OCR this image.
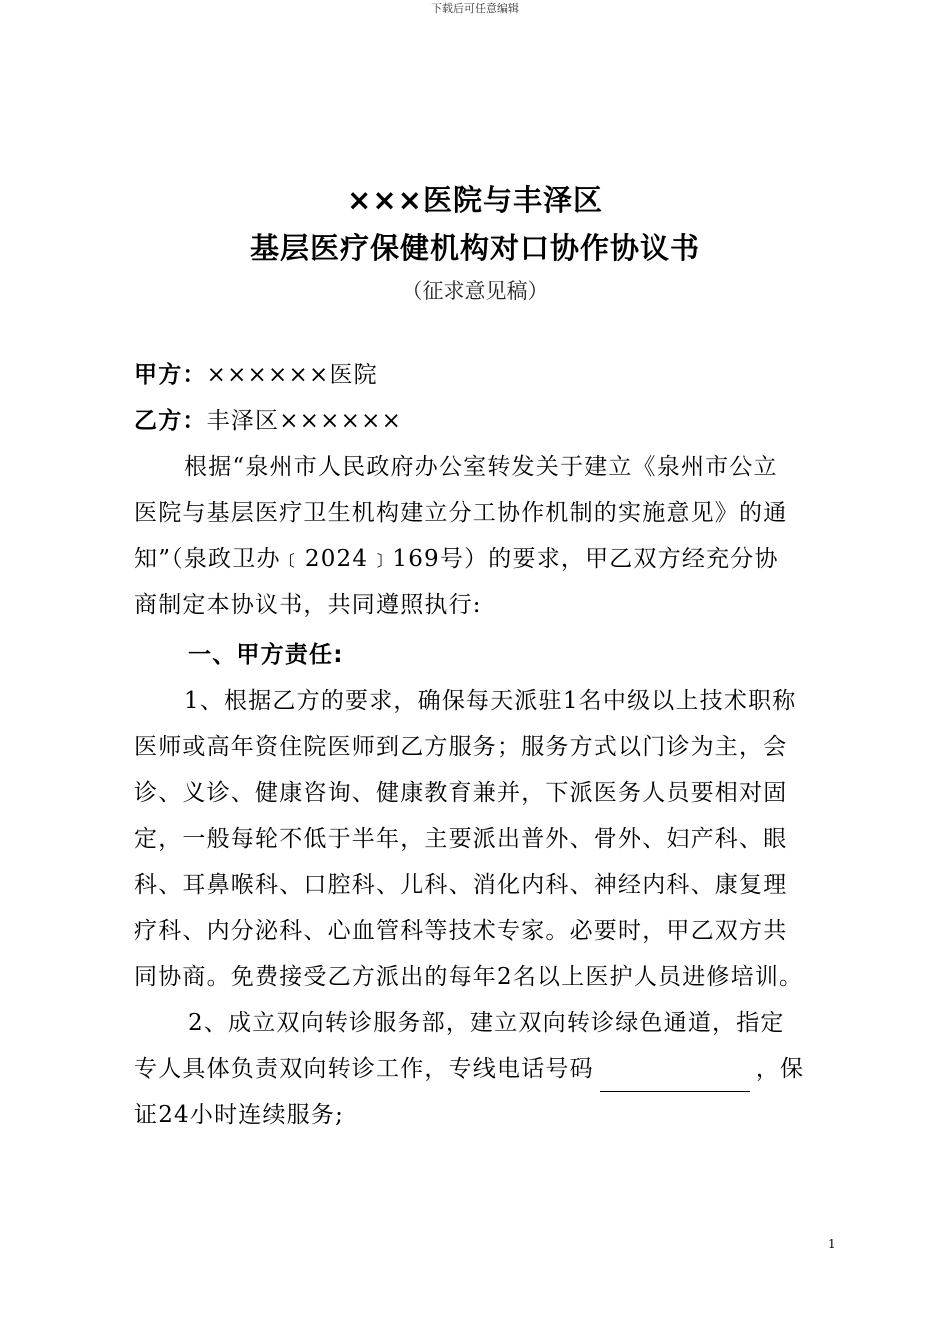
下载后可任意编辑
×××医院与丰泽区
基层医疗保健机构对口协作协议书
（征求意见稿）
甲方：××××××医院
乙方：丰泽区××××××
根据“泉州市人民政府办公室转发关于建立《泉州市公立
医院与基层医疗卫生机构建立分工协作机制的实施意见》的通
知”（泉政卫办﹝2024﹞169号）的要求，甲乙双方经充分协
商制定本协议书，共同遵照执行:
一、甲方责任:
1、根据乙方的要求，确保每天派驻1名中级以上技术职称
医师或高年资住院医师到乙方服务；服务方式以门诊为主，会
诊、义诊、健康咨询、健康教育兼并，下派医务人员要相对固
定，一般每轮不低于半年，主要派出普外、骨外、妇产科、眼
科、耳鼻喉科、口腔科、儿科、消化内科、神经内科、康复理
疗科、内分泌科、心血管科等技术专家。必要时，甲乙双方共
同协商。免费接受乙方派出的每年2名以上医护人员进修培训。
2、成立双向转诊服务部，建立双向转诊绿色通道，指定
专人具体负责双向转诊工作，专线电话号码	，保
证24小时连续服务;
1
